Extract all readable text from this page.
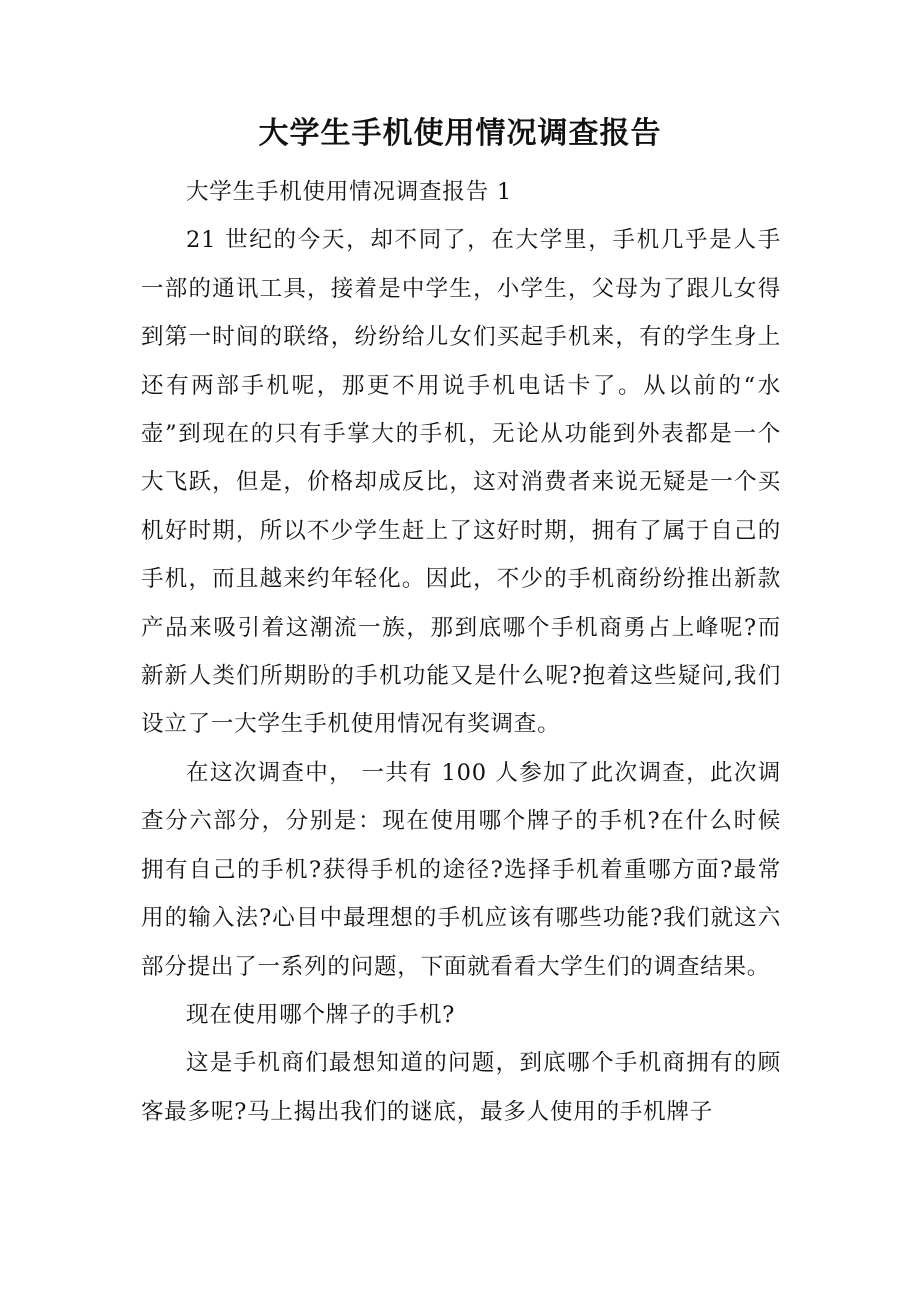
大学生手机使用情况调查报告

大学生手机使用情况调查报告 1

21 世纪的今天，却不同了，在大学里，手机几乎是人手一部的通讯工具，接着是中学生，小学生，父母为了跟儿女得到第一时间的联络，纷纷给儿女们买起手机来，有的学生身上还有两部手机呢，那更不用说手机电话卡了。从以前的“水壶”到现在的只有手掌大的手机，无论从功能到外表都是一个大飞跃，但是，价格却成反比，这对消费者来说无疑是一个买机好时期，所以不少学生赶上了这好时期，拥有了属于自己的手机，而且越来约年轻化。因此，不少的手机商纷纷推出新款产品来吸引着这潮流一族，那到底哪个手机商勇占上峰呢?而新新人类们所期盼的手机功能又是什么呢?抱着这些疑问,我们设立了一大学生手机使用情况有奖调查。

在这次调查中， 一共有 100 人参加了此次调查，此次调查分六部分，分别是：现在使用哪个牌子的手机?在什么时候拥有自己的手机?获得手机的途径?选择手机着重哪方面?最常用的输入法?心目中最理想的手机应该有哪些功能?我们就这六部分提出了一系列的问题，下面就看看大学生们的调查结果。

现在使用哪个牌子的手机?

这是手机商们最想知道的问题，到底哪个手机商拥有的顾客最多呢?马上揭出我们的谜底，最多人使用的手机牌子
